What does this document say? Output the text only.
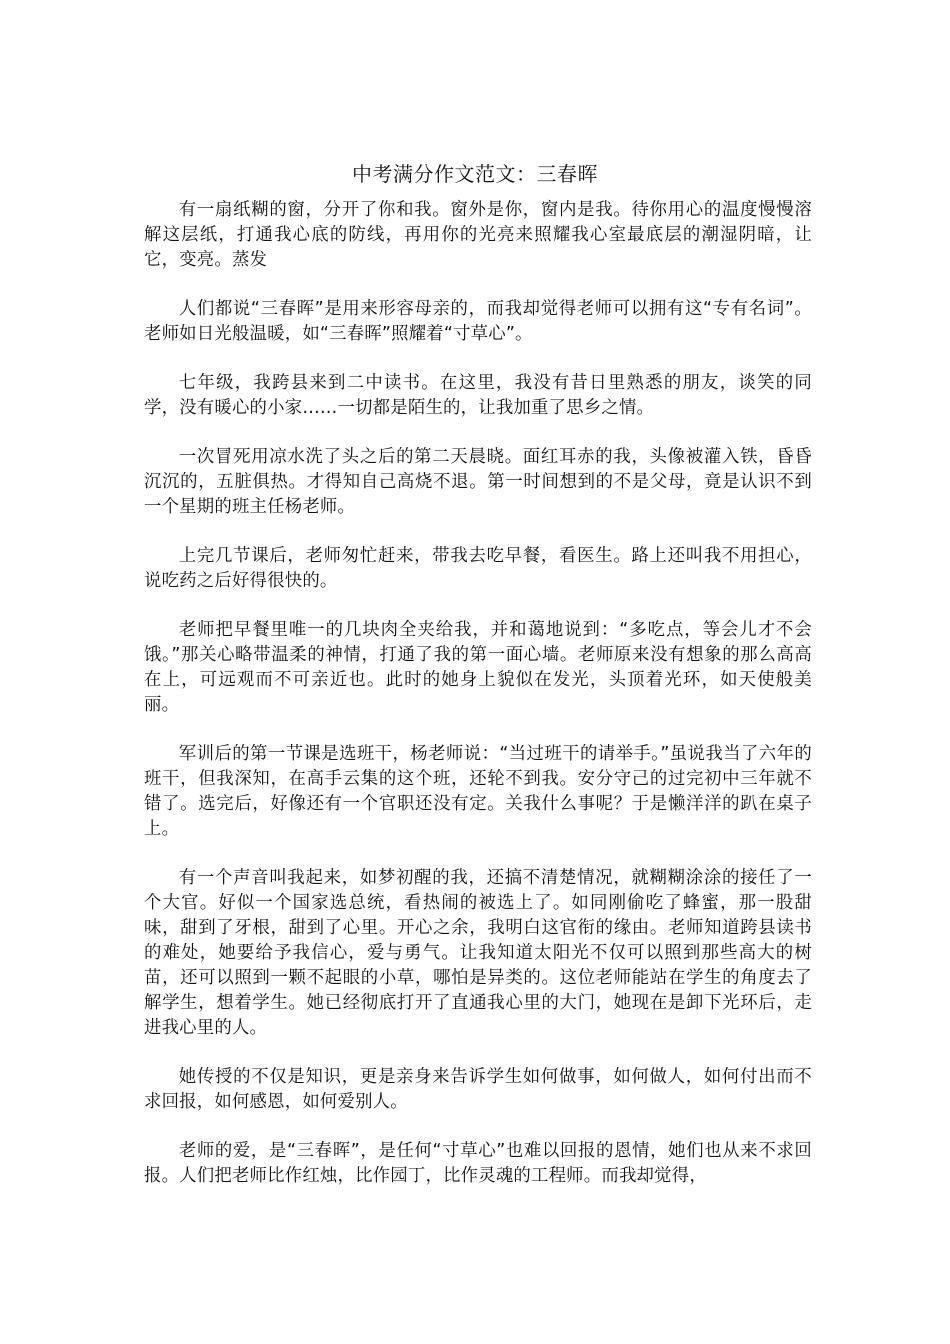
中考满分作文范文：三春晖

有一扇纸糊的窗，分开了你和我。窗外是你，窗内是我。待你用心的温度慢慢溶解这层纸，打通我心底的防线，再用你的光亮来照耀我心室最底层的潮湿阴暗，让它，变亮。蒸发

人们都说“三春晖”是用来形容母亲的，而我却觉得老师可以拥有这“专有名词”。老师如日光般温暖，如“三春晖”照耀着“寸草心”。

七年级，我跨县来到二中读书。在这里，我没有昔日里熟悉的朋友，谈笑的同学，没有暖心的小家……一切都是陌生的，让我加重了思乡之情。

一次冒死用凉水洗了头之后的第二天晨晓。面红耳赤的我，头像被灌入铁，昏昏沉沉的，五脏俱热。才得知自己高烧不退。第一时间想到的不是父母，竟是认识不到一个星期的班主任杨老师。

上完几节课后，老师匆忙赶来，带我去吃早餐，看医生。路上还叫我不用担心，说吃药之后好得很快的。

老师把早餐里唯一的几块肉全夹给我，并和蔼地说到：“多吃点，等会儿才不会饿。”那关心略带温柔的神情，打通了我的第一面心墙。老师原来没有想象的那么高高在上，可远观而不可亲近也。此时的她身上貌似在发光，头顶着光环，如天使般美丽。

军训后的第一节课是选班干，杨老师说：“当过班干的请举手。”虽说我当了六年的班干，但我深知，在高手云集的这个班，还轮不到我。安分守己的过完初中三年就不错了。选完后，好像还有一个官职还没有定。关我什么事呢？于是懒洋洋的趴在桌子上。

有一个声音叫我起来，如梦初醒的我，还搞不清楚情况，就糊糊涂涂的接任了一个大官。好似一个国家选总统，看热闹的被选上了。如同刚偷吃了蜂蜜，那一股甜味，甜到了牙根，甜到了心里。开心之余，我明白这官衔的缘由。老师知道跨县读书的难处，她要给予我信心，爱与勇气。让我知道太阳光不仅可以照到那些高大的树苗，还可以照到一颗不起眼的小草，哪怕是异类的。这位老师能站在学生的角度去了解学生，想着学生。她已经彻底打开了直通我心里的大门，她现在是卸下光环后，走进我心里的人。

她传授的不仅是知识，更是亲身来告诉学生如何做事，如何做人，如何付出而不求回报，如何感恩，如何爱别人。

老师的爱，是“三春晖”，是任何“寸草心”也难以回报的恩情，她们也从来不求回报。人们把老师比作红烛，比作园丁，比作灵魂的工程师。而我却觉得，
